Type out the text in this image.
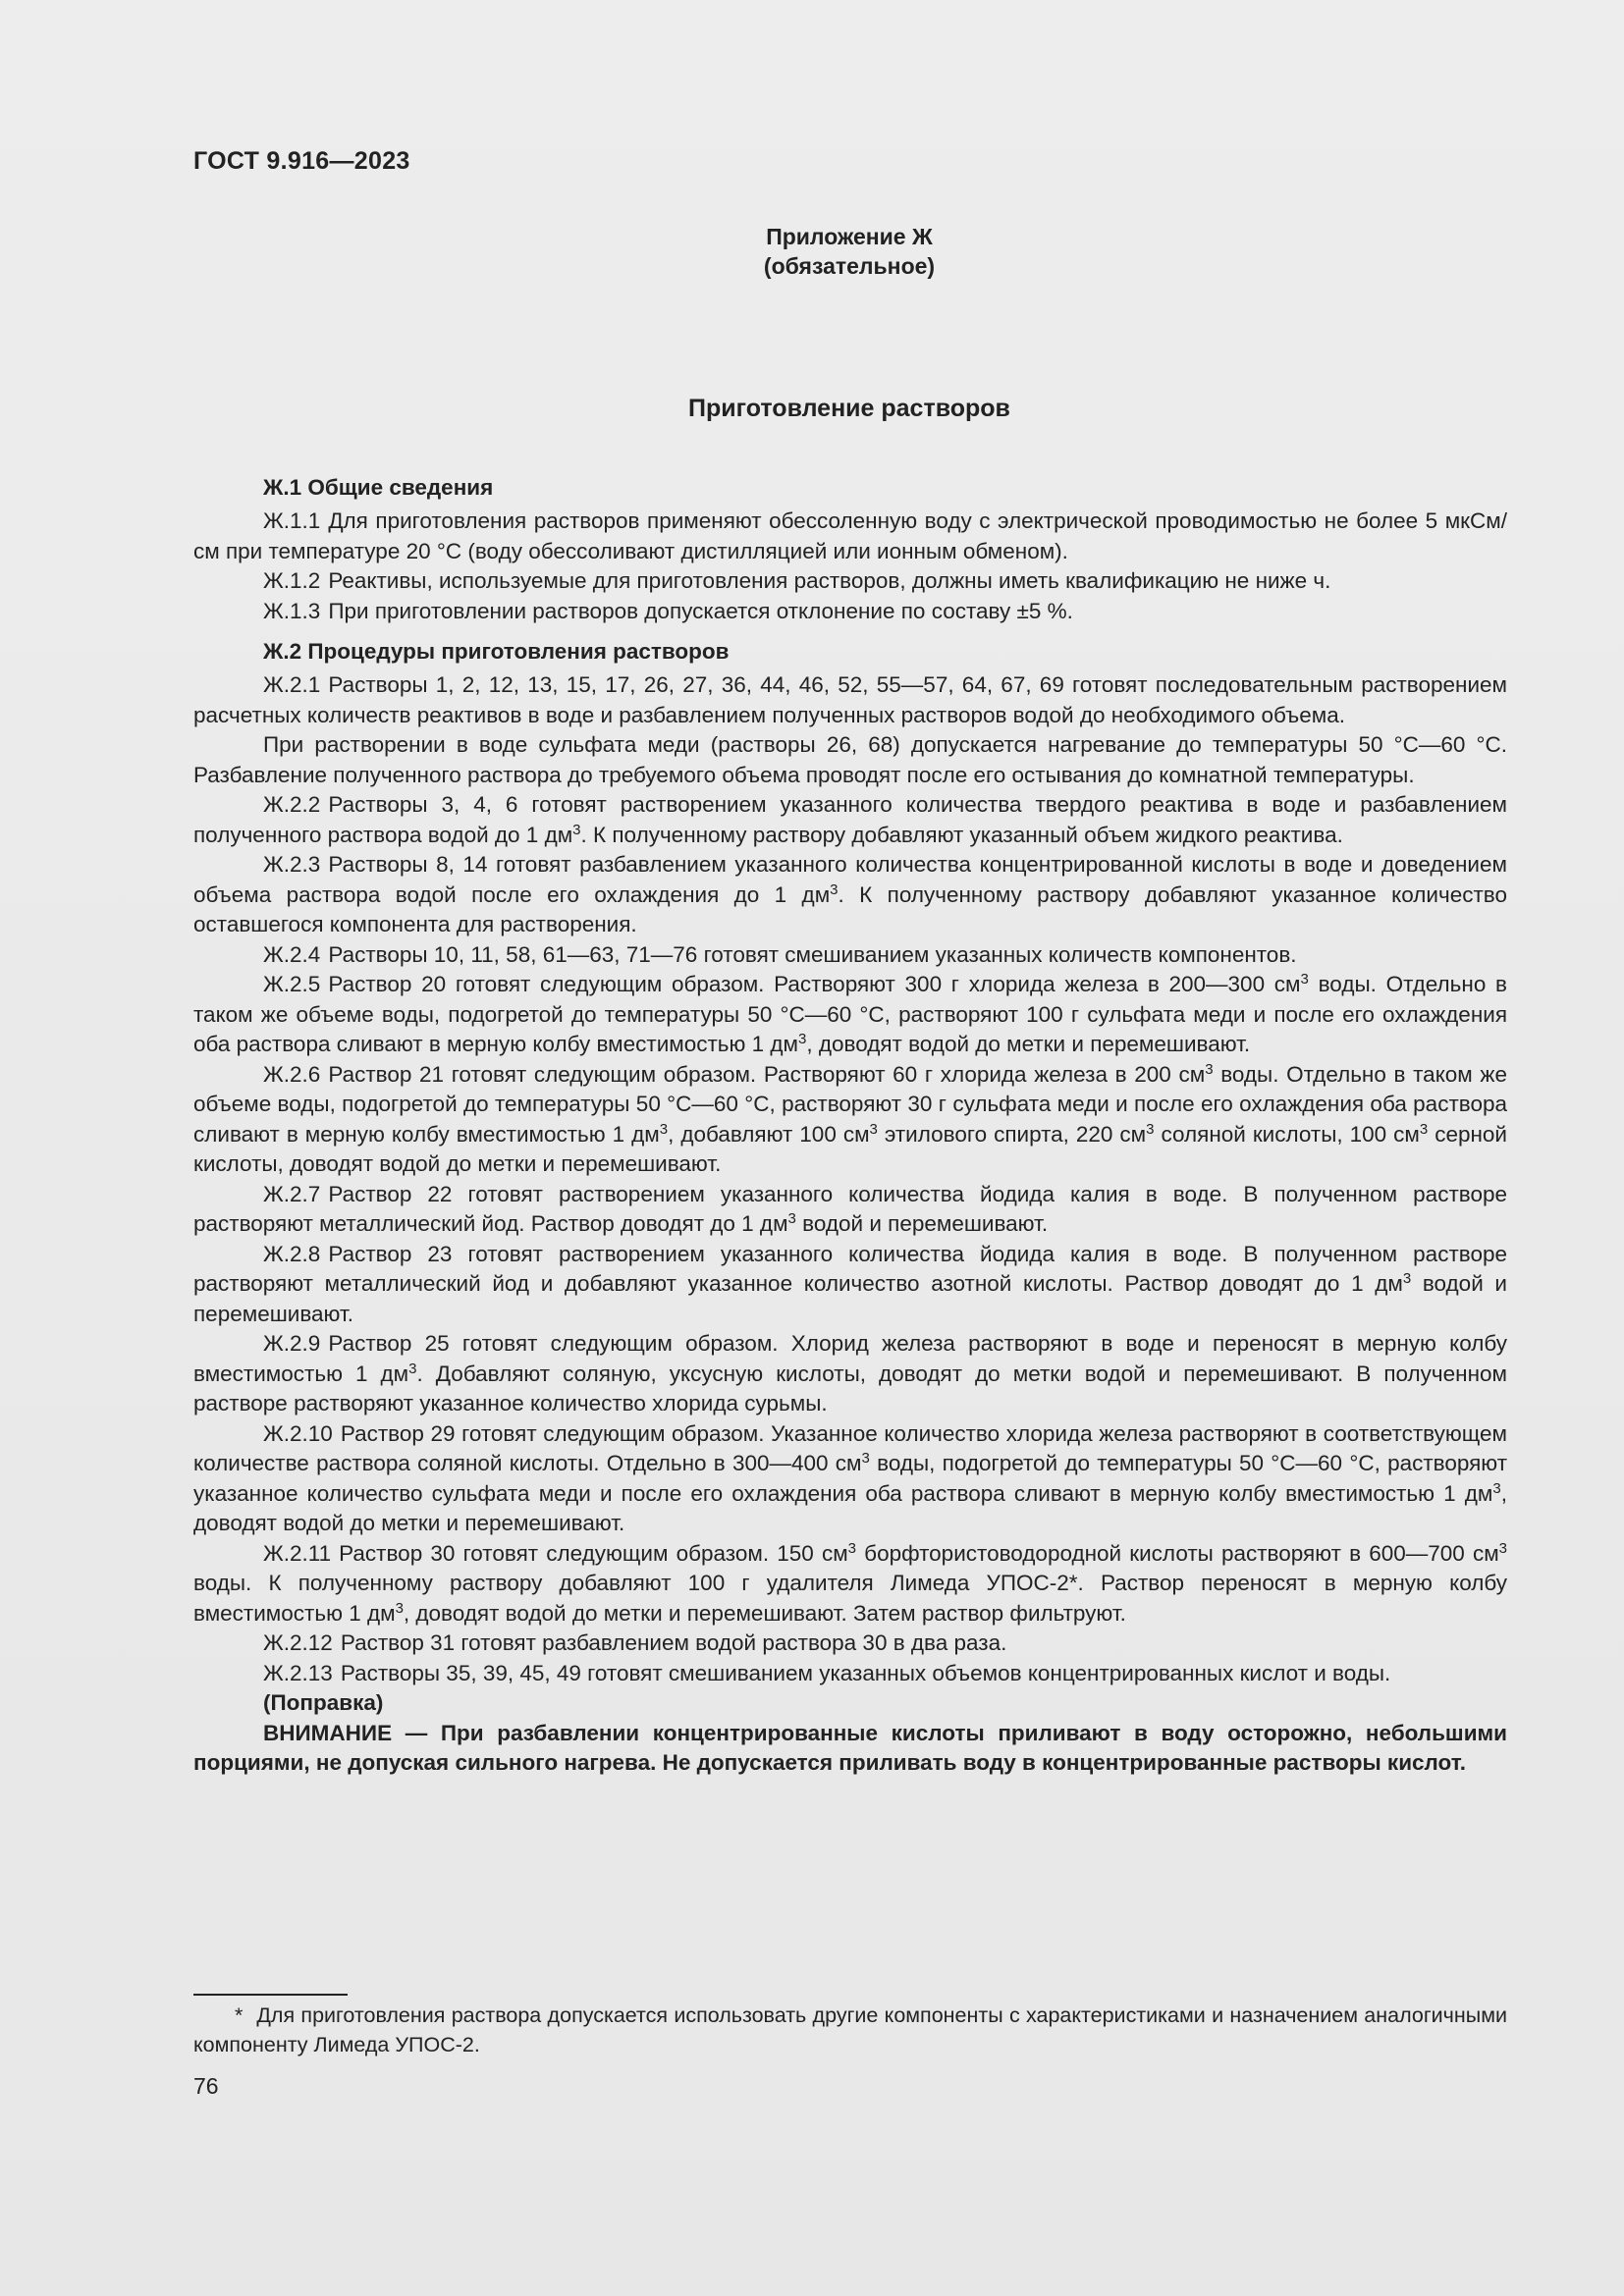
ГОСТ 9.916—2023
Приложение Ж
(обязательное)
Приготовление растворов
Ж.1 Общие сведения

Ж.1.1 Для приготовления растворов применяют обессоленную воду с электрической проводимостью не более 5 мкСм/см при температуре 20 °С (воду обессоливают дистилляцией или ионным обменом).

Ж.1.2 Реактивы, используемые для приготовления растворов, должны иметь квалификацию не ниже ч.

Ж.1.3 При приготовлении растворов допускается отклонение по составу ±5 %.

Ж.2 Процедуры приготовления растворов

Ж.2.1 Растворы 1, 2, 12, 13, 15, 17, 26, 27, 36, 44, 46, 52, 55—57, 64, 67, 69 готовят последовательным растворением расчетных количеств реактивов в воде и разбавлением полученных растворов водой до необходимого объема.

При растворении в воде сульфата меди (растворы 26, 68) допускается нагревание до температуры 50 °С—60 °С. Разбавление полученного раствора до требуемого объема проводят после его остывания до комнатной температуры.

Ж.2.2 Растворы 3, 4, 6 готовят растворением указанного количества твердого реактива в воде и разбавлением полученного раствора водой до 1 $дм^3$. К полученному раствору добавляют указанный объем жидкого реактива.

Ж.2.3 Растворы 8, 14 готовят разбавлением указанного количества концентрированной кислоты в воде и доведением объема раствора водой после его охлаждения до 1 $дм^3$. К полученному раствору добавляют указанное количество оставшегося компонента для растворения.

Ж.2.4 Растворы 10, 11, 58, 61—63, 71—76 готовят смешиванием указанных количеств компонентов.

Ж.2.5 Раствор 20 готовят следующим образом. Растворяют 300 г хлорида железа в 200—300 $см^3$ воды. Отдельно в таком же объеме воды, подогретой до температуры 50 °С—60 °С, растворяют 100 г сульфата меди и после его охлаждения оба раствора сливают в мерную колбу вместимостью 1 $дм^3$, доводят водой до метки и перемешивают.

Ж.2.6 Раствор 21 готовят следующим образом. Растворяют 60 г хлорида железа в 200 $см^3$ воды. Отдельно в таком же объеме воды, подогретой до температуры 50 °С—60 °С, растворяют 30 г сульфата меди и после его охлаждения оба раствора сливают в мерную колбу вместимостью 1 $дм^3$, добавляют 100 $см^3$ этилового спирта, 220 $см^3$ соляной кислоты, 100 $см^3$ серной кислоты, доводят водой до метки и перемешивают.

Ж.2.7 Раствор 22 готовят растворением указанного количества йодида калия в воде. В полученном растворе растворяют металлический йод. Раствор доводят до 1 $дм^3$ водой и перемешивают.

Ж.2.8 Раствор 23 готовят растворением указанного количества йодида калия в воде. В полученном растворе растворяют металлический йод и добавляют указанное количество азотной кислоты. Раствор доводят до 1 $дм^3$ водой и перемешивают.

Ж.2.9 Раствор 25 готовят следующим образом. Хлорид железа растворяют в воде и переносят в мерную колбу вместимостью 1 $дм^3$. Добавляют соляную, уксусную кислоты, доводят до метки водой и перемешивают. В полученном растворе растворяют указанное количество хлорида сурьмы.

Ж.2.10 Раствор 29 готовят следующим образом. Указанное количество хлорида железа растворяют в соответствующем количестве раствора соляной кислоты. Отдельно в 300—400 $см^3$ воды, подогретой до температуры 50 °С—60 °С, растворяют указанное количество сульфата меди и после его охлаждения оба раствора сливают в мерную колбу вместимостью 1 $дм^3$, доводят водой до метки и перемешивают.

Ж.2.11 Раствор 30 готовят следующим образом. 150 $см^3$ борфтористоводородной кислоты растворяют в 600—700 $см^3$ воды. К полученному раствору добавляют 100 г удалителя Лимеда УПОС-2*. Раствор переносят в мерную колбу вместимостью 1 $дм^3$, доводят водой до метки и перемешивают. Затем раствор фильтруют.

Ж.2.12 Раствор 31 готовят разбавлением водой раствора 30 в два раза.

Ж.2.13 Растворы 35, 39, 45, 49 готовят смешиванием указанных объемов концентрированных кислот и воды.

(Поправка)

ВНИМАНИЕ — При разбавлении концентрированные кислоты приливают в воду осторожно, небольшими порциями, не допуская сильного нагрева. Не допускается приливать воду в концентрированные растворы кислот.

* Для приготовления раствора допускается использовать другие компоненты с характеристиками и назначением аналогичными компоненту Лимеда УПОС-2.
76
